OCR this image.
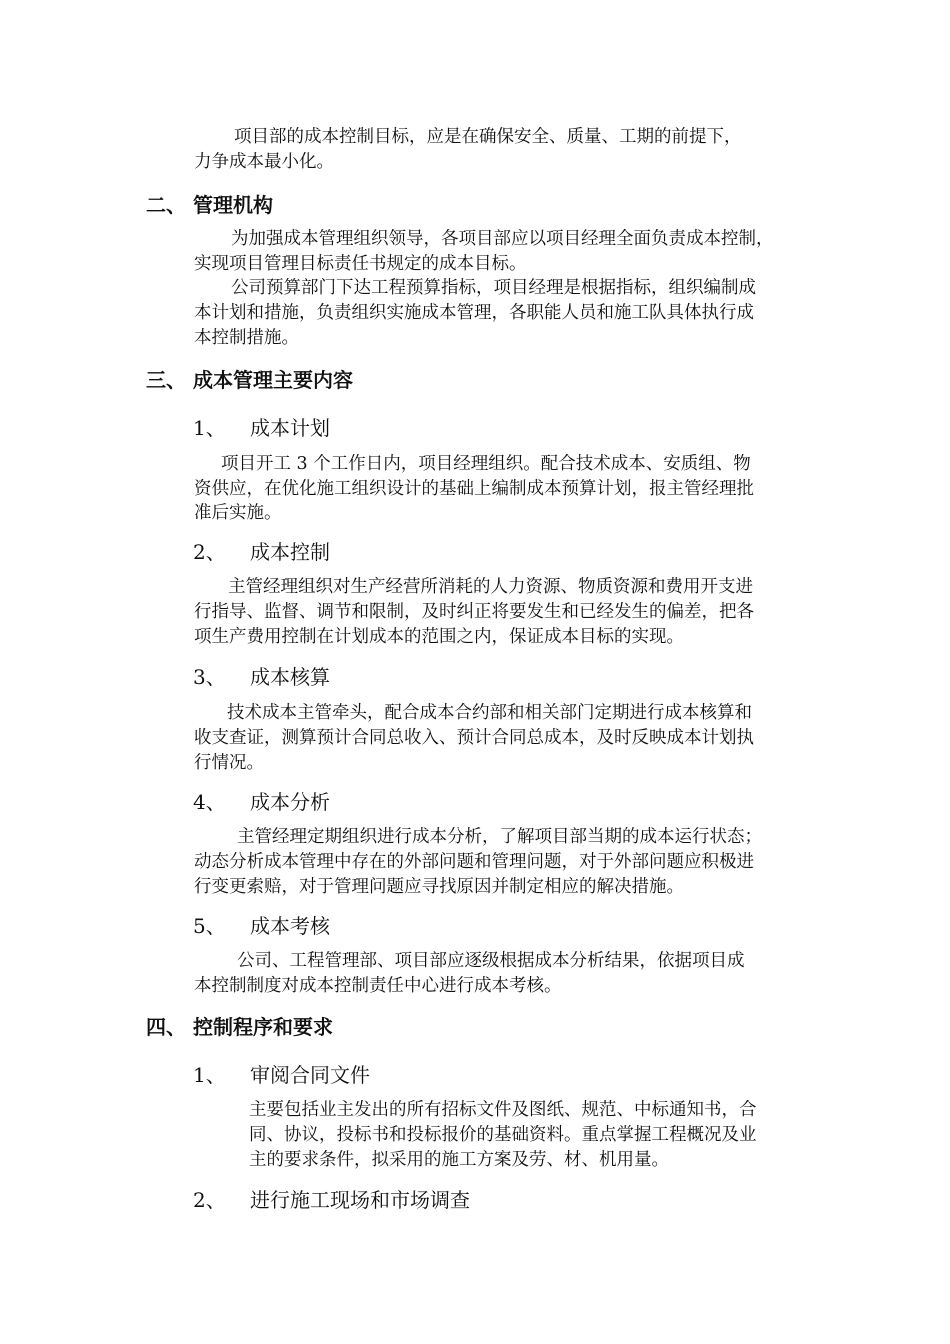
项目部的成本控制目标，应是在确保安全、质量、工期的前提下，
力争成本最小化。
二、 管理机构
为加强成本管理组织领导，各项目部应以项目经理全面负责成本控制，
实现项目管理目标责任书规定的成本目标。
公司预算部门下达工程预算指标，项目经理是根据指标，组织编制成
本计划和措施，负责组织实施成本管理，各职能人员和施工队具体执行成
本控制措施。
三、 成本管理主要内容
1、 成本计划
项目开工 3 个工作日内，项目经理组织。配合技术成本、安质组、物
资供应，在优化施工组织设计的基础上编制成本预算计划，报主管经理批
准后实施。
2、 成本控制
主管经理组织对生产经营所消耗的人力资源、物质资源和费用开支进
行指导、监督、调节和限制，及时纠正将要发生和已经发生的偏差，把各
项生产费用控制在计划成本的范围之内，保证成本目标的实现。
3、 成本核算
技术成本主管牵头，配合成本合约部和相关部门定期进行成本核算和
收支查证，测算预计合同总收入、预计合同总成本，及时反映成本计划执
行情况。
4、 成本分析
主管经理定期组织进行成本分析，了解项目部当期的成本运行状态；
动态分析成本管理中存在的外部问题和管理问题，对于外部问题应积极进
行变更索赔，对于管理问题应寻找原因并制定相应的解决措施。
5、 成本考核
公司、工程管理部、项目部应逐级根据成本分析结果，依据项目成
本控制制度对成本控制责任中心进行成本考核。
四、 控制程序和要求
1、 审阅合同文件
主要包括业主发出的所有招标文件及图纸、规范、中标通知书，合
同、协议，投标书和投标报价的基础资料。重点掌握工程概况及业
主的要求条件，拟采用的施工方案及劳、材、机用量。
2、 进行施工现场和市场调查
